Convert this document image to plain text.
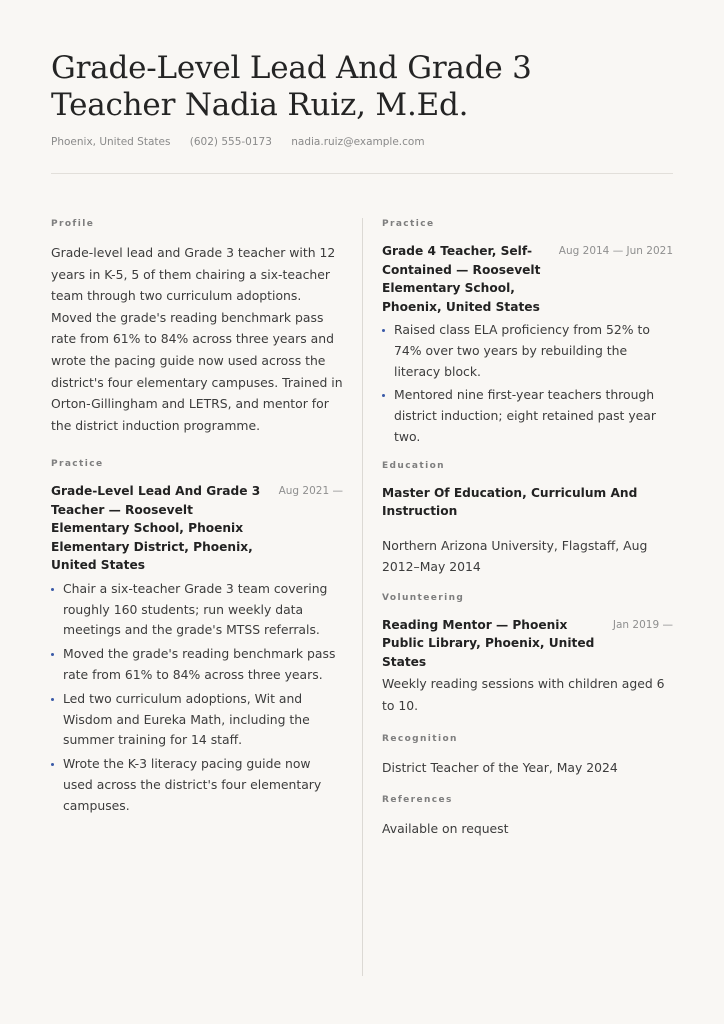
Grade-Level Lead And Grade 3
Teacher Nadia Ruiz, M.Ed.
Phoenix, United States (602) 555-0173 nadia.ruiz@example.com
Profile

Grade-level lead and Grade 3 teacher with 12 years in K-5, 5 of them chairing a six-teacher team through two curriculum adoptions. Moved the grade's reading benchmark pass rate from 61% to 84% across three years and wrote the pacing guide now used across the district's four elementary campuses. Trained in Orton-Gillingham and LETRS, and mentor for the district induction programme.

Practice

Grade-Level Lead And Grade 3 Teacher — Roosevelt Elementary School, Phoenix Elementary District, Phoenix, United States

Aug 2021 —
Chair a six-teacher Grade 3 team covering roughly 160 students; run weekly data meetings and the grade's MTSS referrals.
Moved the grade's reading benchmark pass rate from 61% to 84% across three years.
Led two curriculum adoptions, Wit and Wisdom and Eureka Math, including the summer training for 14 staff.
Wrote the K-3 literacy pacing guide now used across the district's four elementary campuses.
Practice

Grade 4 Teacher, Self-Contained — Roosevelt Elementary School, Phoenix, United States

Aug 2014 — Jun 2021
Raised class ELA proficiency from 52% to 74% over two years by rebuilding the literacy block.
Mentored nine first-year teachers through district induction; eight retained past year two.
Education

Master Of Education, Curriculum And Instruction

Northern Arizona University, Flagstaff, Aug 2012–May 2014

Volunteering

Reading Mentor — Phoenix Public Library, Phoenix, United States

Jan 2019 —

Weekly reading sessions with children aged 6 to 10.

Recognition

District Teacher of the Year, May 2024

References

Available on request
